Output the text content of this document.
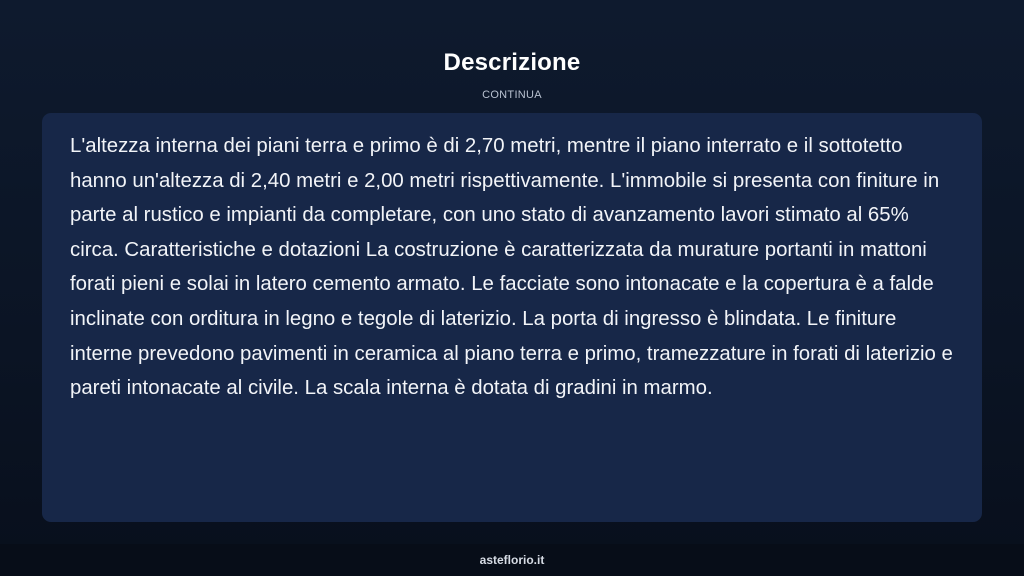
Descrizione
CONTINUA

L'altezza interna dei piani terra e primo è di 2,70 metri, mentre il piano interrato e il sottotetto hanno un'altezza di 2,40 metri e 2,00 metri rispettivamente. L'immobile si presenta con finiture in parte al rustico e impianti da completare, con uno stato di avanzamento lavori stimato al 65% circa. Caratteristiche e dotazioni La costruzione è caratterizzata da murature portanti in mattoni forati pieni e solai in latero cemento armato. Le facciate sono intonacate e la copertura è a falde inclinate con orditura in legno e tegole di laterizio. La porta di ingresso è blindata. Le finiture interne prevedono pavimenti in ceramica al piano terra e primo, tramezzature in forati di laterizio e pareti intonacate al civile. La scala interna è dotata di gradini in marmo.

asteflorio.it
